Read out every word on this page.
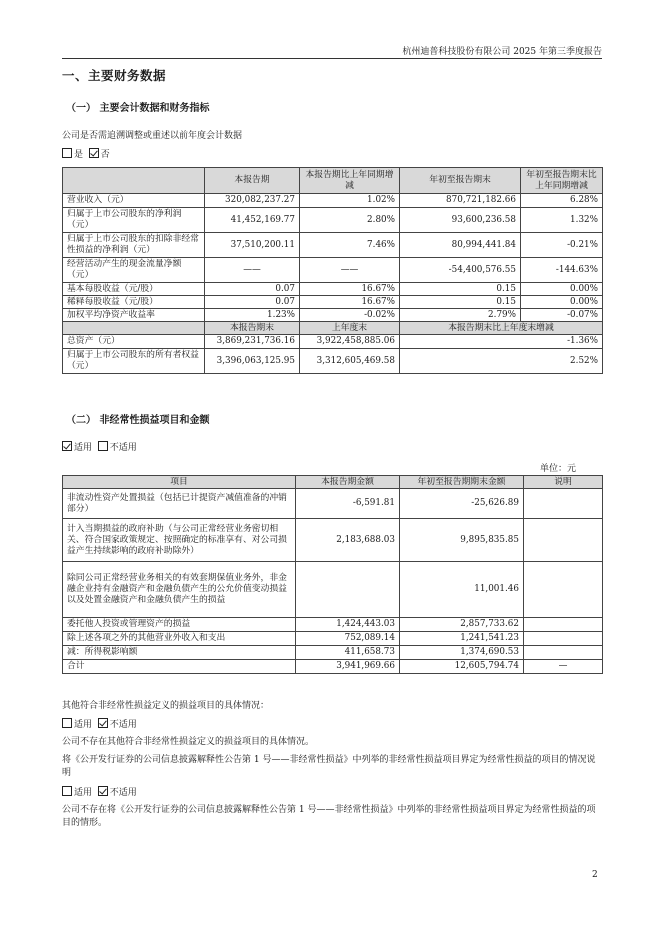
杭州迪普科技股份有限公司 2025 年第三季度报告
一、主要财务数据
（一） 主要会计数据和财务指标
公司是否需追溯调整或重述以前年度会计数据
是 否
	本报告期	本报告期比上年同期增减	年初至报告期末	年初至报告期末比上年同期增减
营业收入（元）	320,082,237.27	1.02%	870,721,182.66	6.28%
归属于上市公司股东的净利润（元）	41,452,169.77	2.80%	93,600,236.58	1.32%
归属于上市公司股东的扣除非经常性损益的净利润（元）	37,510,200.11	7.46%	80,994,441.84	-0.21%
经营活动产生的现金流量净额（元）	——	——	-54,400,576.55	-144.63%
基本每股收益（元/股）	0.07	16.67%	0.15	0.00%
稀释每股收益（元/股）	0.07	16.67%	0.15	0.00%
加权平均净资产收益率	1.23%	-0.02%	2.79%	-0.07%
	本报告期末	上年度末	本报告期末比上年度末增减	
总资产（元）	3,869,231,736.16	3,922,458,885.06	-1.36%	
归属于上市公司股东的所有者权益（元）	3,396,063,125.95	3,312,605,469.58	2.52%	
（二） 非经常性损益项目和金额
适用 不适用
单位：元
项目	本报告期金额	年初至报告期期末金额	说明
非流动性资产处置损益（包括已计提资产减值准备的冲销部分）	-6,591.81	-25,626.89	
计入当期损益的政府补助（与公司正常经营业务密切相关、符合国家政策规定、按照确定的标准享有、对公司损益产生持续影响的政府补助除外）	2,183,688.03	9,895,835.85	
除同公司正常经营业务相关的有效套期保值业务外，非金融企业持有金融资产和金融负债产生的公允价值变动损益以及处置金融资产和金融负债产生的损益		11,001.46	
委托他人投资或管理资产的损益	1,424,443.03	2,857,733.62	
除上述各项之外的其他营业外收入和支出	752,089.14	1,241,541.23	
减：所得税影响额	411,658.73	1,374,690.53	
合计	3,941,969.66	12,605,794.74	—
其他符合非经常性损益定义的损益项目的具体情况：
适用 不适用
公司不存在其他符合非经常性损益定义的损益项目的具体情况。
将《公开发行证券的公司信息披露解释性公告第 1 号——非经常性损益》中列举的非经常性损益项目界定为经常性损益的项目的情况说明
适用 不适用
公司不存在将《公开发行证券的公司信息披露解释性公告第 1 号——非经常性损益》中列举的非经常性损益项目界定为经常性损益的项目的情形。
2
